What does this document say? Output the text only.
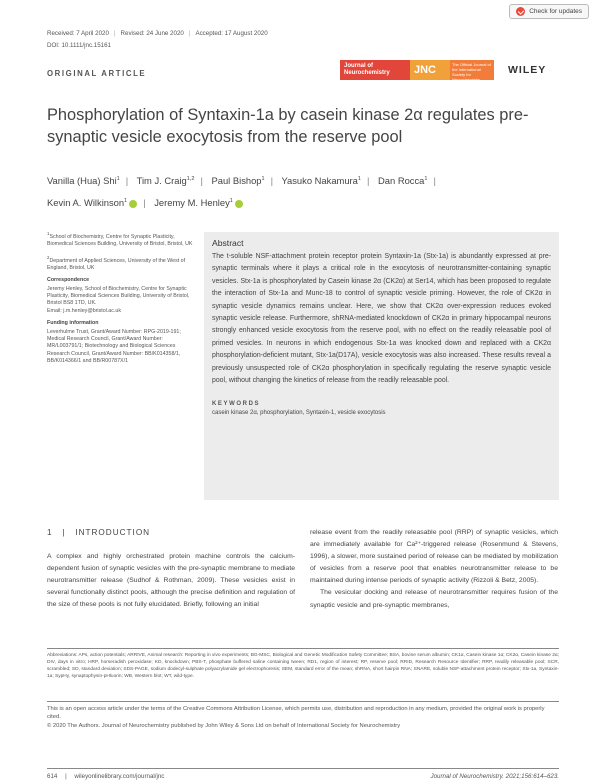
Check for updates
Received: 7 April 2020 | Revised: 24 June 2020 | Accepted: 17 August 2020
DOI: 10.1111/jnc.15161
ORIGINAL ARTICLE
Journal of Neurochemistry	JNC	The Official Journal of the International Society for Neurochemistry
WILEY
Phosphorylation of Syntaxin-1a by casein kinase 2α regulates pre-synaptic vesicle exocytosis from the reserve pool
Vanilla (Hua) Shi$^1$ | Tim J. Craig$^{1,2}$ | Paul Bishop$^1$ | Yasuko Nakamura$^1$ | Dan Rocca$^1$ |
Kevin A. Wilkinson$^1$ | Jeremy M. Henley$^1$

$^1$School of Biochemistry, Centre for Synaptic Plasticity, Biomedical Sciences Building, University of Bristol, Bristol, UK

$^2$Department of Applied Sciences, University of the West of England, Bristol, UK

Correspondence
Jeremy Henley, School of Biochemistry, Centre for Synaptic Plasticity, Biomedical Sciences Building, University of Bristol, Bristol BS8 1TD, UK.
Email: j.m.henley@bristol.ac.uk

Funding information
Leverhulme Trust, Grant/Award Number: RPG-2019-191; Medical Research Council, Grant/Award Number: MR/L003791/1; Biotechnology and Biological Sciences Research Council, Grant/Award Number: BB/K014358/1, BB/K014366/1 and BB/R00787X/1

Abstract
The t-soluble NSF-attachment protein receptor protein Syntaxin-1a (Stx-1a) is abundantly expressed at pre-synaptic terminals where it plays a critical role in the exocytosis of neurotransmitter-containing synaptic vesicles. Stx-1a is phosphorylated by Casein kinase 2α (CK2α) at Ser14, which has been proposed to regulate the interaction of Stx-1a and Munc-18 to control of synaptic vesicle priming. However, the role of CK2α in synaptic vesicle dynamics remains unclear. Here, we show that CK2α over-expression reduces evoked synaptic vesicle release. Furthermore, shRNA-mediated knockdown of CK2α in primary hippocampal neurons strongly enhanced vesicle exocytosis from the reserve pool, with no effect on the readily releasable pool of primed vesicles. In neurons in which endogenous Stx-1a was knocked down and replaced with a CK2α phosphorylation-deficient mutant, Stx-1a(D17A), vesicle exocytosis was also increased. These results reveal a previously unsuspected role of CK2α phosphorylation in specifically regulating the reserve synaptic vesicle pool, without changing the kinetics of release from the readily releasable pool.
KEYWORDS
casein kinase 2α, phosphorylation, Syntaxin-1, vesicle exocytosis
1   |   INTRODUCTION
A complex and highly orchestrated protein machine controls the calcium-dependent fusion of synaptic vesicles with the pre-synaptic membrane to mediate neurotransmitter release (Sudhof & Rothman, 2009). These vesicles exist in several functionally distinct pools, although the precise definition and regulation of the size of these pools is not fully elucidated. Briefly, following an initial

release event from the readily releasable pool (RRP) of synaptic vesicles, which are immediately available for Ca²⁺-triggered release (Rosenmund & Stevens, 1996), a slower, more sustained period of release can be mediated by mobilization of vesicles from a reserve pool that enables neurotransmitter release to be maintained during intense periods of synaptic activity (Rizzoli & Betz, 2005).

The vesicular docking and release of neurotransmitter requires fusion of the synaptic vesicle and pre-synaptic membranes,

Abbreviations: APs, action potentials; ARRIVE, Animal research: Reporting in vivo experiments; BG-MSC, Biological and Genetic Modification Safety Committee; BSA, bovine serum albumin; CK1α, Casein kinase 1α; CK2α, Casein kinase 2α; DIV, days in vitro; HRP, horseradish peroxidase; KD, knockdown; PBS-T, phosphate buffered saline containing tween; RD1, region of interest; RP, reserve pool; RRID, Research Resource Identifier; RRP, readily releasable pool; SCR, scrambled; SD, standard deviation; SDS-PAGE, sodium dodecyl-sulphate polyacrylamide gel electrophoresis; SEM, standard error of the mean; shRNA, short hairpin RNA; SNARE, soluble NSF-attachment protein receptor; Stx-1a, Syntaxin-1a; SypHy, synaptophysin-pHluorin; WB, Western blot; WT, wild-type.
This is an open access article under the terms of the Creative Commons Attribution License, which permits use, distribution and reproduction in any medium, provided the original work is properly cited.
© 2020 The Authors. Journal of Neurochemistry published by John Wiley & Sons Ltd on behalf of International Society for Neurochemistry
614 | wileyonlinelibrary.com/journal/jnc	Journal of Neurochemistry. 2021;156:614–623.
